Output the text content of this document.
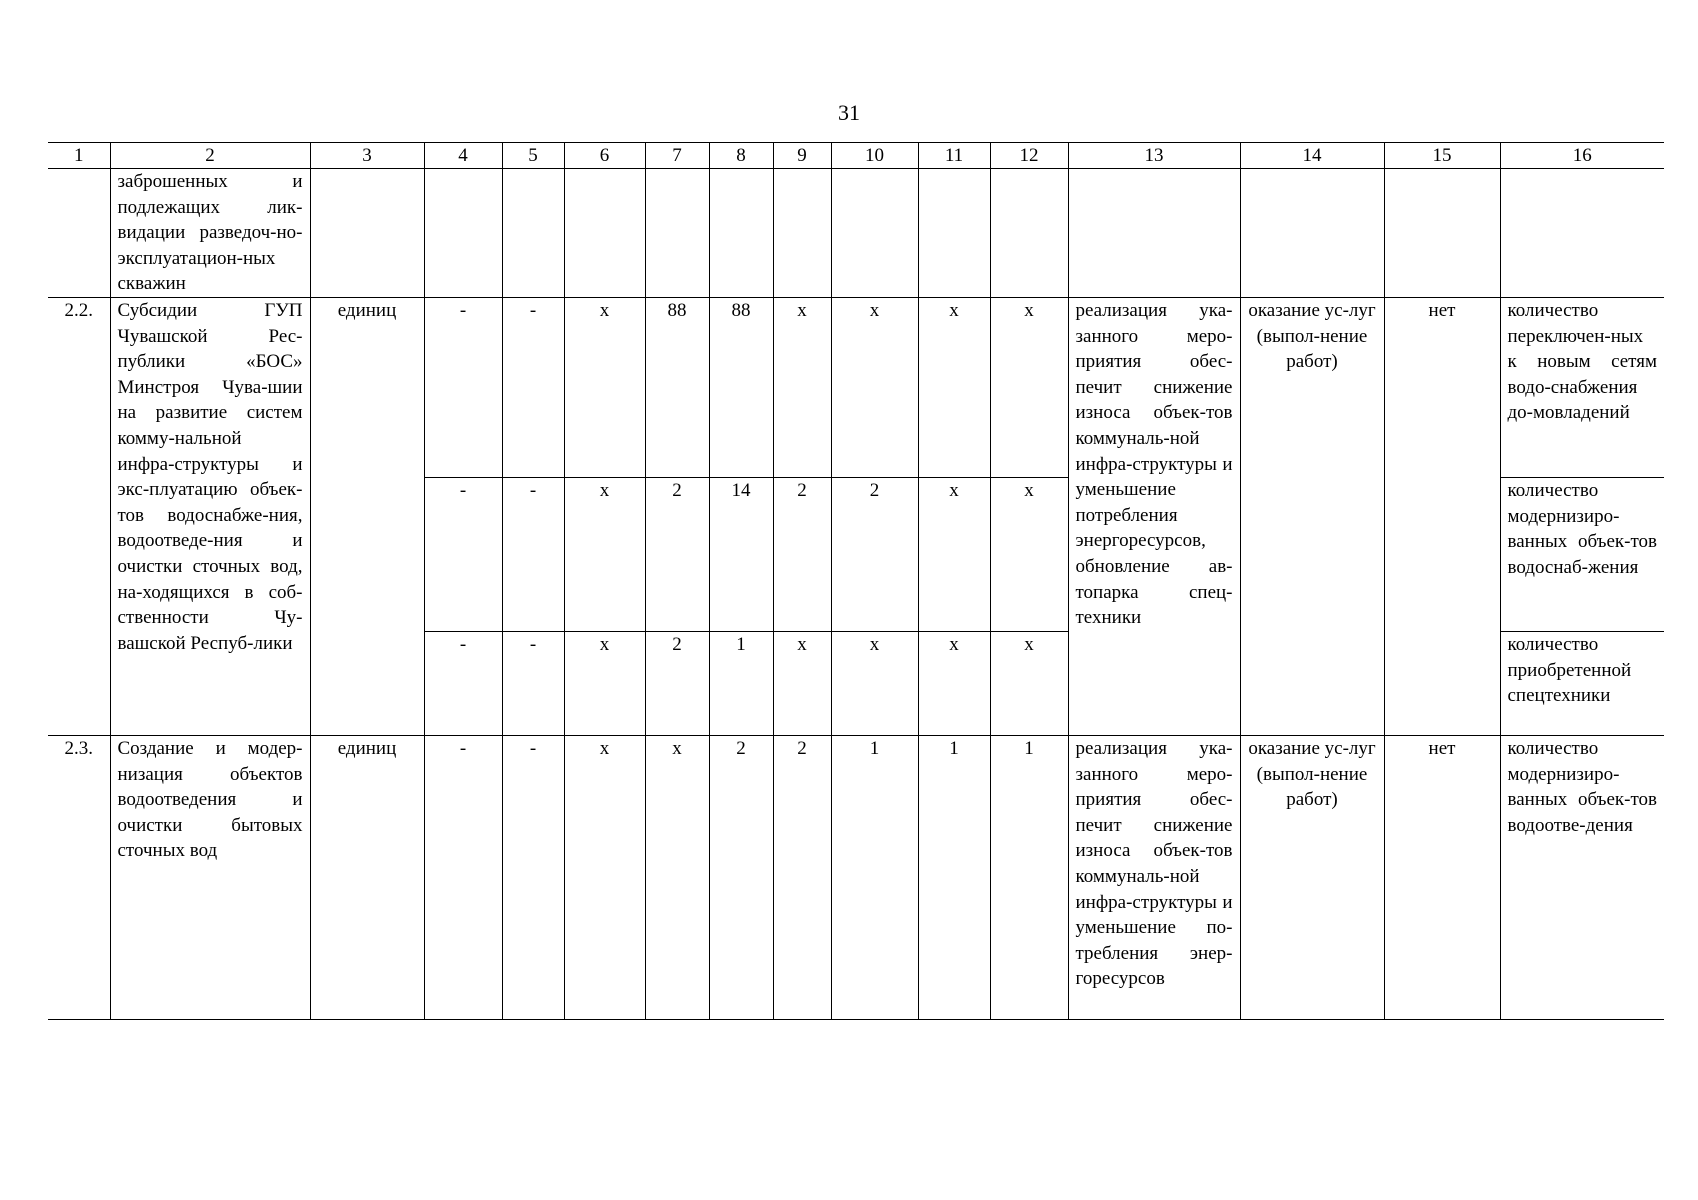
31
1	2	3	4	5	6	7	8	9	10	11	12	13	14	15	16
	заброшенных и подлежащих лик-видации разведоч-но-эксплуатацион-ных скважин														
2.2.	Субсидии ГУП Чувашской Рес-публики «БОС» Минстроя Чува-шии на развитие систем комму-нальной инфра-структуры и экс-плуатацию объек-тов водоснабже-ния, водоотведе-ния и очистки сточных вод, на-ходящихся в соб-ственности Чу-вашской Респуб-лики	единиц	-	-	х	88	88	х	х	х	х	реализация ука-занного меро-приятия обес-печит снижение износа объек-тов коммуналь-ной инфра-структуры и уменьшение потребления энергоресурсов, обновление ав-топарка спец-техники	оказание ус-луг (выпол-нение работ)	нет	количество переключен-ных к новым сетям водо-снабжения до-мовладений
			-	-	х	2	14	2	2	х	х				количество модернизиро-ванных объек-тов водоснаб-жения
			-	-	х	2	1	х	х	х	х				количество приобретенной спецтехники
2.3.	Создание и модер-низация объектов водоотведения и очистки бытовых сточных вод	единиц	-	-	х	х	2	2	1	1	1	реализация ука-занного меро-приятия обес-печит снижение износа объек-тов коммуналь-ной инфра-структуры и уменьшение по-требления энер-горесурсов	оказание ус-луг (выпол-нение работ)	нет	количество модернизиро-ванных объек-тов водоотве-дения
